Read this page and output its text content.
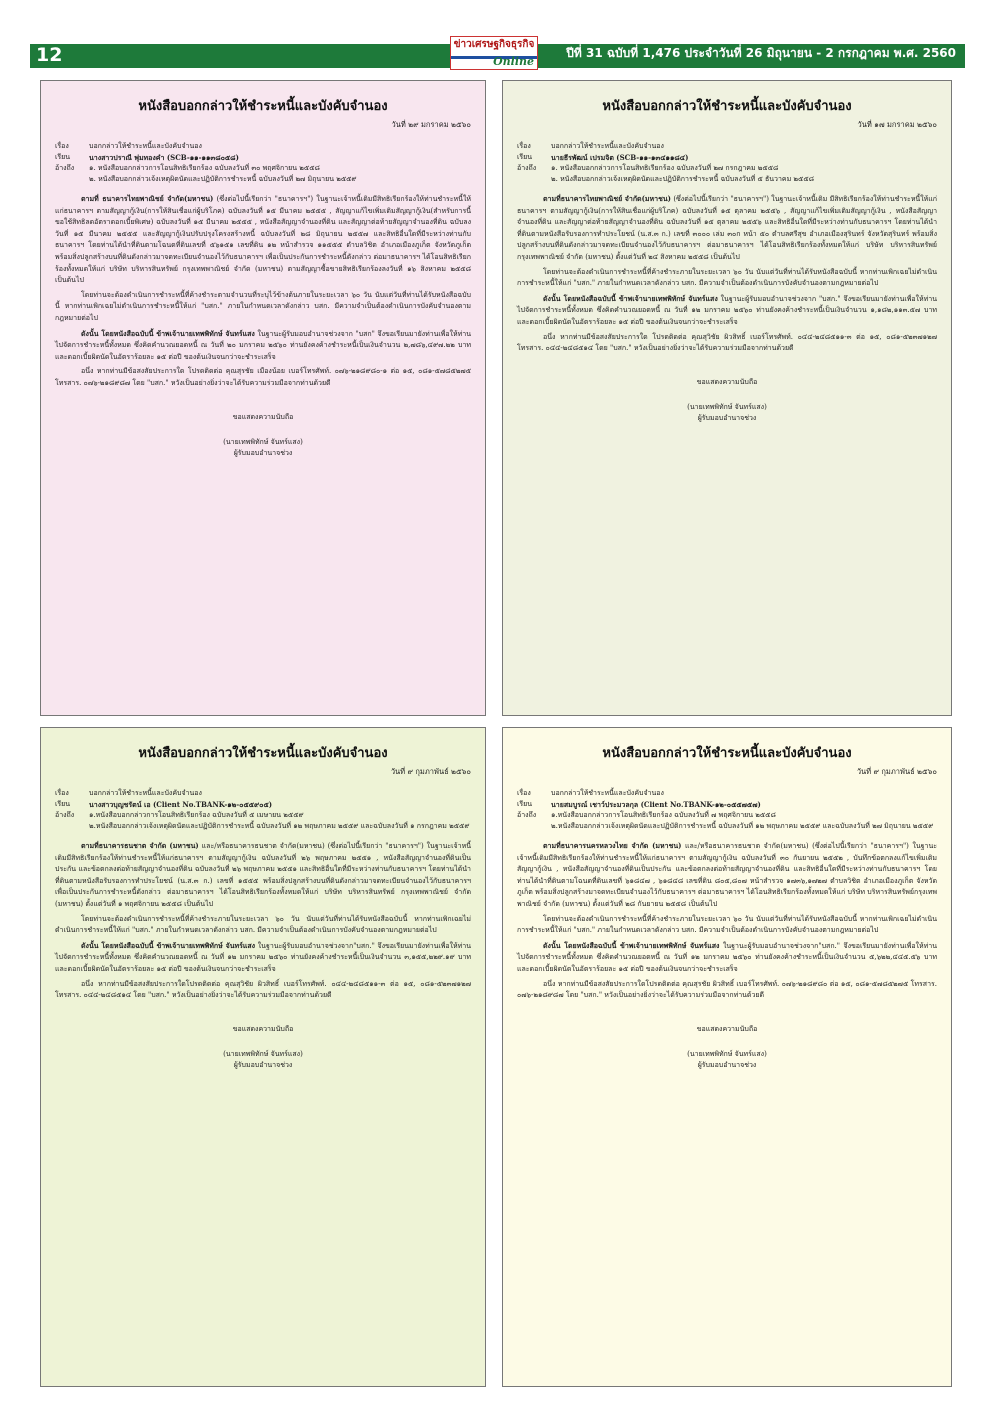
12	ข่าวเศรษฐกิจธุรกิจ
Online
ปีที่ 31 ฉบับที่ 1,476 ประจำวันที่ 26 มิถุนายน - 2 กรกฎาคม พ.ศ. 2560
หนังสือบอกกล่าวให้ชำระหนี้และบังคับจำนอง
วันที่ ๒๙ มกราคม ๒๕๖๐
เรื่อง	บอกกล่าวให้ชำระหนี้และบังคับจำนอง
เรียน	นางสาวปราณี พุ่มทองคำ (SCB-๑๑-๑๑๓๘๐๕๘)
อ้างถึง	๑. หนังสือบอกกล่าวการโอนสิทธิเรียกร้อง ฉบับลงวันที่ ๓๐ พฤศจิกายน ๒๕๕๘
๒. หนังสือบอกกล่าวเจ้งเหตุผิดนัดและปฏิบัติการชำระหนี้ ฉบับลงวันที่ ๒๗ มิถุนายน ๒๕๕๙

ตามที่ ธนาคารไทยพาณิชย์ จำกัด(มหาชน) (ซึ่งต่อไปนี้เรียกว่า "ธนาคารฯ") ในฐานะเจ้าหนี้เดิมมีสิทธิเรียกร้องให้ท่านชำระหนี้ให้แก่ธนาคารฯ ตามสัญญากู้เงิน(การให้สินเชื่อแก่ผู้บริโภค) ฉบับลงวันที่ ๑๕ มีนาคม ๒๕๕๕ , สัญญาแก้ไขเพิ่มเติมสัญญากู้เงิน(สำหรับการนี้ขอใช้สิทธิลดอัตราดอกเบี้ยพิเศษ) ฉบับลงวันที่ ๑๕ มีนาคม ๒๕๕๕ , หนังสือสัญญาจำนองที่ดิน และสัญญาต่อท้ายสัญญาจำนองที่ดิน ฉบับลงวันที่ ๑๕ มีนาคม ๒๕๕๕ และสัญญากู้เงินปรับปรุงโครงสร้างหนี้ ฉบับลงวันที่ ๒๘ มิถุนายน ๒๕๕๗ และสิทธิอื่นใดที่มีระหว่างท่านกับธนาคารฯ โดยท่านได้นำที่ดินตามโฉนดที่ดินเลขที่ ๕๖๑๕๑ เลขที่ดิน ๑๒ หน้าสำรวจ ๑๑๕๕๕ ตำบลวิชิต อำเภอเมืองภูเก็ต จังหวัดภูเก็ต พร้อมสิ่งปลูกสร้างบนที่ดินดังกล่าวมาจดทะเบียนจำนองไว้กับธนาคารฯ เพื่อเป็นประกันการชำระหนี้ดังกล่าว ต่อมาธนาคารฯ ได้โอนสิทธิเรียกร้องทั้งหมดให้แก่ บริษัท บริหารสินทรัพย์ กรุงเทพพาณิชย์ จำกัด (มหาชน) ตามสัญญาซื้อขายสิทธิเรียกร้องลงวันที่ ๑๖ สิงหาคม ๒๕๕๘ เป็นต้นไป

โดยท่านจะต้องดำเนินการชำระหนี้ที่ค้างชำระตามจำนวนที่ระบุไว้ข้างต้นภายในระยะเวลา ๖๐ วัน นับแต่วันที่ท่านได้รับหนังสือฉบับนี้ หากท่านเพิกเฉยไม่ดำเนินการชำระหนี้ให้แก่ "บสก." ภายในกำหนดเวลาดังกล่าว บสก. มีความจำเป็นต้องดำเนินการบังคับจำนองตามกฎหมายต่อไป

ดังนั้น โดยหนังสือฉบับนี้ ข้าพเจ้านายเทพพิทักษ์ จันทร์แสง ในฐานะผู้รับมอบอำนาจช่วงจาก "บสก" จึงขอเรียนมายังท่านเพื่อให้ท่านไปจัดการชำระหนี้ทั้งหมด ซึ่งคิดคำนวณยอดหนี้ ณ วันที่ ๒๐ มกราคม ๒๕๖๐ ท่านยังคงค้างชำระหนี้เป็นเงินจำนวน ๒,๗๘๖,๔๙๗.๒๒ บาท และดอกเบี้ยผิดนัดในอัตราร้อยละ ๑๕ ต่อปี ของต้นเงินจนกว่าจะชำระเสร็จ

อนึ่ง หากท่านมีข้อสงสัยประการใด โปรดติดต่อ คุณสุรชัย เมืองน้อย เบอร์โทรศัพท์. ๐๗๖-๒๑๘๙๘๐-๑ ต่อ ๑๕, ๐๘๑-๕๗๘๕๒๗๕ โทรสาร. ๐๗๖-๒๑๘๙๘๗ โดย "บสก." หวังเป็นอย่างยิ่งว่าจะได้รับความร่วมมือจากท่านด้วยดี

ขอแสดงความนับถือ
(นายเทพพิทักษ์ จันทร์แสง)
ผู้รับมอบอำนาจช่วง
หนังสือบอกกล่าวให้ชำระหนี้และบังคับจำนอง
วันที่ ๑๗ มกราคม ๒๕๖๐
เรื่อง	บอกกล่าวให้ชำระหนี้และบังคับจำนอง
เรียน	นายธีรพัฒน์ เปรมจิต (SCB-๑๑-๑๓๔๑๑๘๔)
อ้างถึง	๑. หนังสือบอกกล่าวการโอนสิทธิเรียกร้อง ฉบับลงวันที่ ๒๗ กรกฎาคม ๒๕๕๘
๒. หนังสือบอกกล่าวเจ้งเหตุผิดนัดและปฏิบัติการชำระหนี้ ฉบับลงวันที่ ๕ ธันวาคม ๒๕๕๘

ตามที่ธนาคารไทยพาณิชย์ จำกัด(มหาชน) (ซึ่งต่อไปนี้เรียกว่า "ธนาคารฯ") ในฐานะเจ้าหนี้เดิม มีสิทธิเรียกร้องให้ท่านชำระหนี้ให้แก่ธนาคารฯ ตามสัญญากู้เงิน(การให้สินเชื่อแก่ผู้บริโภค) ฉบับลงวันที่ ๑๕ ตุลาคม ๒๕๕๖ , สัญญาแก้ไขเพิ่มเติมสัญญากู้เงิน , หนังสือสัญญาจำนองที่ดิน และสัญญาต่อท้ายสัญญาจำนองที่ดิน ฉบับลงวันที่ ๑๕ ตุลาคม ๒๕๕๖ และสิทธิอื่นใดที่มีระหว่างท่านกับธนาคารฯ โดยท่านได้นำที่ดินตามหนังสือรับรองการทำประโยชน์ (น.ส.๓ ก.) เลขที่ ๓๐๐๐ เล่ม ๓๐ก หน้า ๕๐ ตำบลศรีสุข อำเภอเมืองสุรินทร์ จังหวัดสุรินทร์ พร้อมสิ่งปลูกสร้างบนที่ดินดังกล่าวมาจดทะเบียนจำนองไว้กับธนาคารฯ ต่อมาธนาคารฯ ได้โอนสิทธิเรียกร้องทั้งหมดให้แก่ บริษัท บริหารสินทรัพย์ กรุงเทพพาณิชย์ จำกัด (มหาชน) ตั้งแต่วันที่ ๒๔ สิงหาคม ๒๕๕๘ เป็นต้นไป

โดยท่านจะต้องดำเนินการชำระหนี้ที่ค้างชำระภายในระยะเวลา ๖๐ วัน นับแต่วันที่ท่านได้รับหนังสือฉบับนี้ หากท่านเพิกเฉยไม่ดำเนินการชำระหนี้ให้แก่ "บสก." ภายในกำหนดเวลาดังกล่าว บสก. มีความจำเป็นต้องดำเนินการบังคับจำนองตามกฎหมายต่อไป

ดังนั้น โดยหนังสือฉบับนี้ ข้าพเจ้านายเทพพิทักษ์ จันทร์แสง ในฐานะผู้รับมอบอำนาจช่วงจาก "บสก." จึงขอเรียนมายังท่านเพื่อให้ท่านไปจัดการชำระหนี้ทั้งหมด ซึ่งคิดคำนวณยอดหนี้ ณ วันที่ ๑๒ มกราคม ๒๕๖๐ ท่านยังคงค้างชำระหนี้เป็นเงินจำนวน ๑,๑๘๒,๑๑๓.๕๗ บาท และดอกเบี้ยผิดนัดในอัตราร้อยละ ๑๕ ต่อปี ของต้นเงินจนกว่าจะชำระเสร็จ

อนึ่ง หากท่านมีข้อสงสัยประการใด โปรดติดต่อ คุณสุวิชัย ผิวสิทธิ์ เบอร์โทรศัพท์. ๐๔๔-๒๔๘๕๑๑-๓ ต่อ ๑๕, ๐๘๑-๕๒๓๗๑๒๗ โทรสาร. ๐๔๔-๒๔๘๕๑๔ โดย "บสก." หวังเป็นอย่างยิ่งว่าจะได้รับความร่วมมือจากท่านด้วยดี

ขอแสดงความนับถือ
(นายเทพพิทักษ์ จันทร์แสง)
ผู้รับมอบอำนาจช่วง
หนังสือบอกกล่าวให้ชำระหนี้และบังคับจำนอง
วันที่ ๙ กุมภาพันธ์ ๒๕๖๐
เรื่อง	บอกกล่าวให้ชำระหนี้และบังคับจำนอง
เรียน	นางสาวบุญชรัตน์ เอ (Client No.TBANK-๑๒-๐๕๕๙๐๕)
อ้างถึง	๑.หนังสือบอกกล่าวการโอนสิทธิเรียกร้อง ฉบับลงวันที่ ๕ เมษายน ๒๕๕๙
๒.หนังสือบอกกล่าวเจ้งเหตุผิดนัดและปฏิบัติการชำระหนี้ ฉบับลงวันที่ ๑๒ พฤษภาคม ๒๕๕๙ และฉบับลงวันที่ ๑ กรกฎาคม ๒๕๕๙

ตามที่ธนาคารธนชาต จำกัด (มหาชน) และ/หรือธนาคารธนชาต จำกัด(มหาชน) (ซึ่งต่อไปนี้เรียกว่า "ธนาคารฯ") ในฐานะเจ้าหนี้เดิมมีสิทธิเรียกร้องให้ท่านชำระหนี้ให้แก่ธนาคารฯ ตามสัญญากู้เงิน ฉบับลงวันที่ ๒๖ พฤษภาคม ๒๕๕๑ , หนังสือสัญญาจำนองที่ดินเป็นประกัน และข้อตกลงต่อท้ายสัญญาจำนองที่ดิน ฉบับลงวันที่ ๒๖ พฤษภาคม ๒๕๕๑ และสิทธิอื่นใดที่มีระหว่างท่านกับธนาคารฯ โดยท่านได้นำที่ดินตามหนังสือรับรองการทำประโยชน์ (น.ส.๓ ก.) เลขที่ ๑๕๕๕ พร้อมสิ่งปลูกสร้างบนที่ดินดังกล่าวมาจดทะเบียนจำนองไว้กับธนาคารฯ เพื่อเป็นประกันการชำระหนี้ดังกล่าว ต่อมาธนาคารฯ ได้โอนสิทธิเรียกร้องทั้งหมดให้แก่ บริษัท บริหารสินทรัพย์ กรุงเทพพาณิชย์ จำกัด (มหาชน) ตั้งแต่วันที่ ๑ พฤศจิกายน ๒๕๕๘ เป็นต้นไป

โดยท่านจะต้องดำเนินการชำระหนี้ที่ค้างชำระภายในระยะเวลา ๖๐ วัน นับแต่วันที่ท่านได้รับหนังสือฉบับนี้ หากท่านเพิกเฉยไม่ดำเนินการชำระหนี้ให้แก่ "บสก." ภายในกำหนดเวลาดังกล่าว บสก. มีความจำเป็นต้องดำเนินการบังคับจำนองตามกฎหมายต่อไป

ดังนั้น โดยหนังสือฉบับนี้ ข้าพเจ้านายเทพพิทักษ์ จันทร์แสง ในฐานะผู้รับมอบอำนาจช่วงจาก"บสก." จึงขอเรียนมายังท่านเพื่อให้ท่านไปจัดการชำระหนี้ทั้งหมด ซึ่งคิดคำนวณยอดหนี้ ณ วันที่ ๑๒ มกราคม ๒๕๖๐ ท่านยังคงค้างชำระหนี้เป็นเงินจำนวน ๓,๑๕๕,๒๒๙.๑๙ บาท และดอกเบี้ยผิดนัดในอัตราร้อยละ ๑๕ ต่อปี ของต้นเงินจนกว่าจะชำระเสร็จ

อนึ่ง หากท่านมีข้อสงสัยประการใดโปรดติดต่อ คุณสุวิชัย ผิวสิทธิ์ เบอร์โทรศัพท์. ๐๔๔-๒๔๘๕๑๑-๓ ต่อ ๑๕, ๐๘๑-๕๒๓๗๑๒๗ โทรสาร. ๐๔๔-๒๔๘๕๑๔ โดย "บสก." หวังเป็นอย่างยิ่งว่าจะได้รับความร่วมมือจากท่านด้วยดี

ขอแสดงความนับถือ
(นายเทพพิทักษ์ จันทร์แสง)
ผู้รับมอบอำนาจช่วง
หนังสือบอกกล่าวให้ชำระหนี้และบังคับจำนอง
วันที่ ๙ กุมภาพันธ์ ๒๕๖๐
เรื่อง	บอกกล่าวให้ชำระหนี้และบังคับจำนอง
เรียน	นายสมบูรณ์ เชาว์ประมวลกุล (Client No.TBANK-๑๒-๐๕๕๗๕๗)
อ้างถึง	๑.หนังสือบอกกล่าวการโอนสิทธิเรียกร้อง ฉบับลงวันที่ ๗ พฤศจิกายน ๒๕๕๘
๒.หนังสือบอกกล่าวเจ้งเหตุผิดนัดและปฏิบัติการชำระหนี้ ฉบับลงวันที่ ๑๒ พฤษภาคม ๒๕๕๙ และฉบับลงวันที่ ๒๗ มิถุนายน ๒๕๕๙

ตามที่ธนาคารนครหลวงไทย จำกัด (มหาชน) และ/หรือธนาคารธนชาต จำกัด(มหาชน) (ซึ่งต่อไปนี้เรียกว่า "ธนาคารฯ") ในฐานะเจ้าหนี้เดิมมีสิทธิเรียกร้องให้ท่านชำระหนี้ให้แก่ธนาคารฯ ตามสัญญากู้เงิน ฉบับลงวันที่ ๓๐ กันยายน ๒๕๕๒ , บันทึกข้อตกลงแก้ไขเพิ่มเติมสัญญากู้เงิน , หนังสือสัญญาจำนองที่ดินเป็นประกัน และข้อตกลงต่อท้ายสัญญาจำนองที่ดิน และสิทธิอื่นใดที่มีระหว่างท่านกับธนาคารฯ โดยท่านได้นำที่ดินตามโฉนดที่ดินเลขที่ ๖๑๘๔๗ , ๖๑๘๔๘ เลขที่ดิน ๘๐๕,๘๐๗ หน้าสำรวจ ๑๗๓๖,๑๗๒๗ ตำบลวิชิต อำเภอเมืองภูเก็ต จังหวัดภูเก็ต พร้อมสิ่งปลูกสร้างมาจดทะเบียนจำนองไว้กับธนาคารฯ ต่อมาธนาคารฯ ได้โอนสิทธิเรียกร้องทั้งหมดให้แก่ บริษัท บริหารสินทรัพย์กรุงเทพพาณิชย์ จำกัด (มหาชน) ตั้งแต่วันที่ ๒๘ กันยายน ๒๕๕๘ เป็นต้นไป

โดยท่านจะต้องดำเนินการชำระหนี้ที่ค้างชำระภายในระยะเวลา ๖๐ วัน นับแต่วันที่ท่านได้รับหนังสือฉบับนี้ หากท่านเพิกเฉยไม่ดำเนินการชำระหนี้ให้แก่ "บสก." ภายในกำหนดเวลาดังกล่าว บสก. มีความจำเป็นต้องดำเนินการบังคับจำนองตามกฎหมายต่อไป

ดังนั้น โดยหนังสือฉบับนี้ ข้าพเจ้านายเทพพิทักษ์ จันทร์แสง ในฐานะผู้รับมอบอำนาจช่วงจาก"บสก." จึงขอเรียนมายังท่านเพื่อให้ท่านไปจัดการชำระหนี้ทั้งหมด ซึ่งคิดคำนวณยอดหนี้ ณ วันที่ ๑๒ มกราคม ๒๕๖๐ ท่านยังคงค้างชำระหนี้เป็นเงินจำนวน ๕,๖๒๒,๔๔๕.๕๖ บาท และดอกเบี้ยผิดนัดในอัตราร้อยละ ๑๕ ต่อปี ของต้นเงินจนกว่าจะชำระเสร็จ

อนึ่ง หากท่านมีข้อสงสัยประการใดโปรดติดต่อ คุณสุรชัย ผิวสิทธิ์ เบอร์โทรศัพท์. ๐๗๖-๒๑๘๙๘๐ ต่อ ๑๕, ๐๘๑-๕๗๘๕๒๗๕ โทรสาร. ๐๗๖-๒๑๘๙๘๗ โดย "บสก." หวังเป็นอย่างยิ่งว่าจะได้รับความร่วมมือจากท่านด้วยดี

ขอแสดงความนับถือ
(นายเทพพิทักษ์ จันทร์แสง)
ผู้รับมอบอำนาจช่วง
